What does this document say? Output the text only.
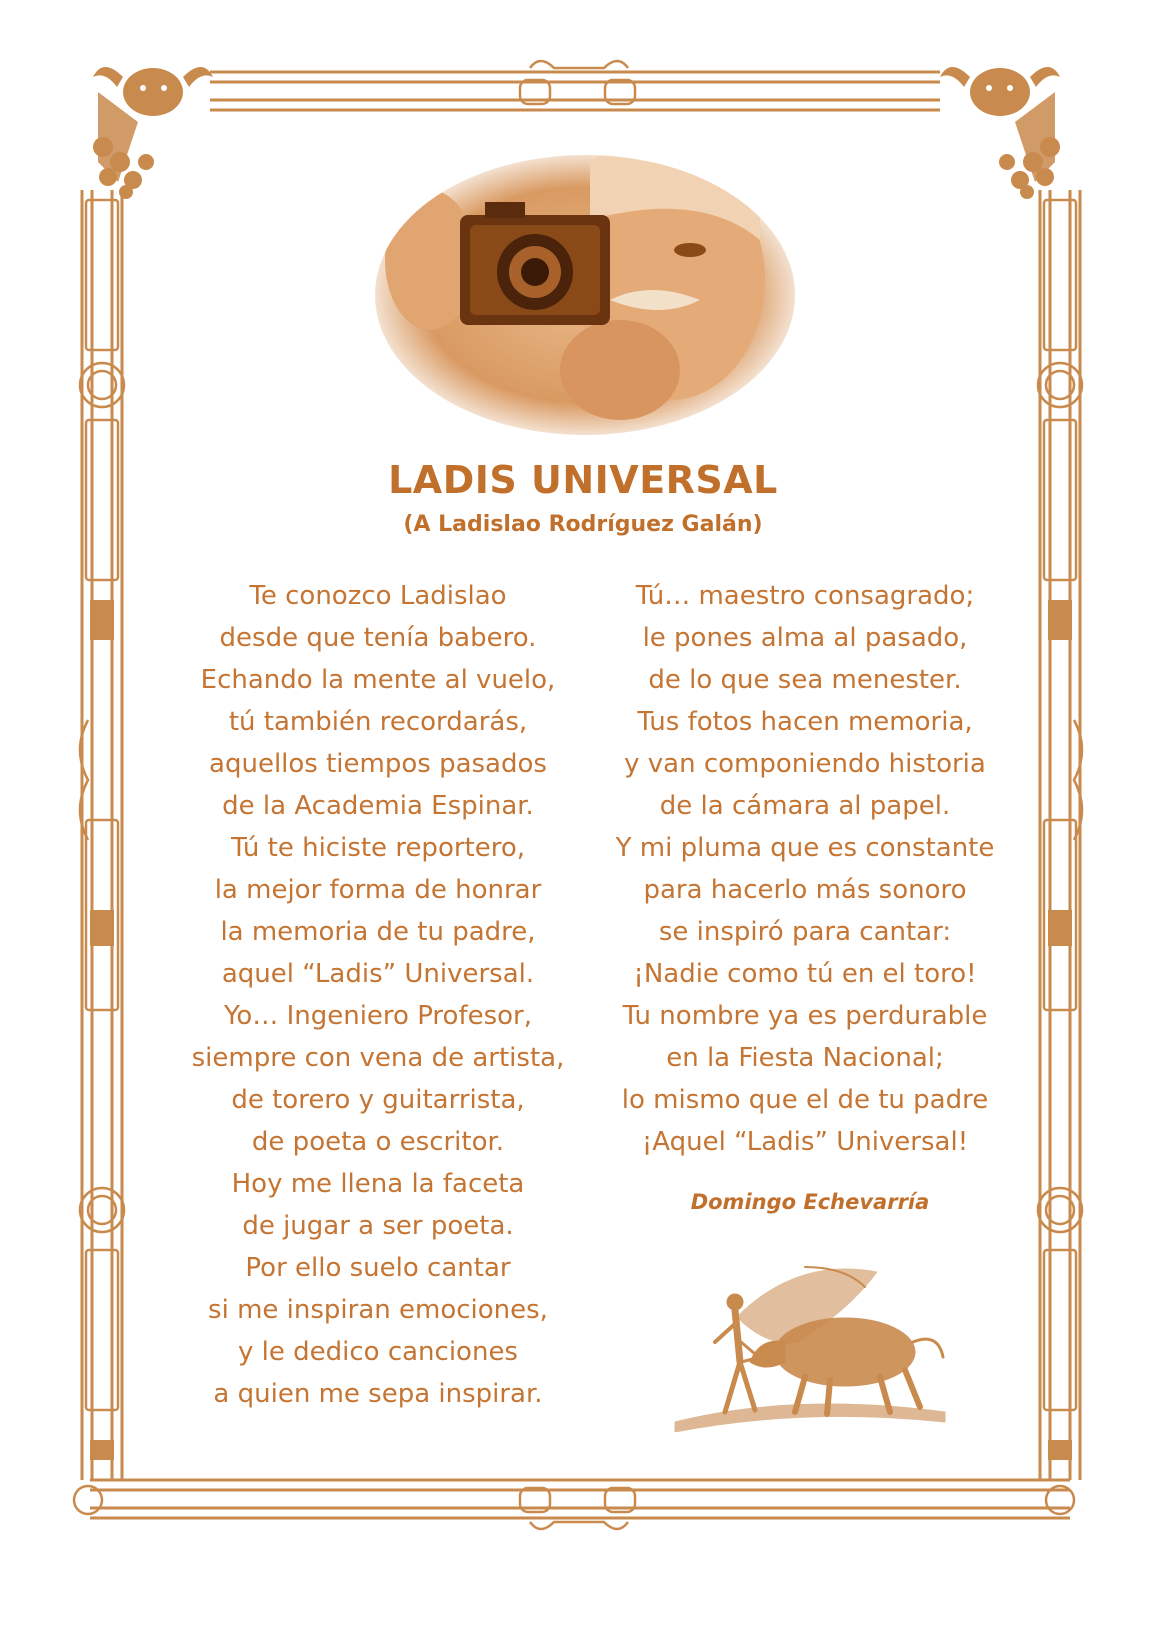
LADIS UNIVERSAL
(A Ladislao Rodríguez Galán)
Te conozco Ladislao
desde que tenía babero.
Echando la mente al vuelo,
tú también recordarás,
aquellos tiempos pasados
de la Academia Espinar.
Tú te hiciste reportero,
la mejor forma de honrar
la memoria de tu padre,
aquel “Ladis” Universal.
Yo… Ingeniero Profesor,
siempre con vena de artista,
de torero y guitarrista,
de poeta o escritor.
Hoy me llena la faceta
de jugar a ser poeta.
Por ello suelo cantar
si me inspiran emociones,
y le dedico canciones
a quien me sepa inspirar.
Tú… maestro consagrado;
le pones alma al pasado,
de lo que sea menester.
Tus fotos hacen memoria,
y van componiendo historia
de la cámara al papel.
Y mi pluma que es constante
para hacerlo más sonoro
se inspiró para cantar:
¡Nadie como tú en el toro!
Tu nombre ya es perdurable
en la Fiesta Nacional;
lo mismo que el de tu padre
¡Aquel “Ladis” Universal!
Domingo Echevarría
